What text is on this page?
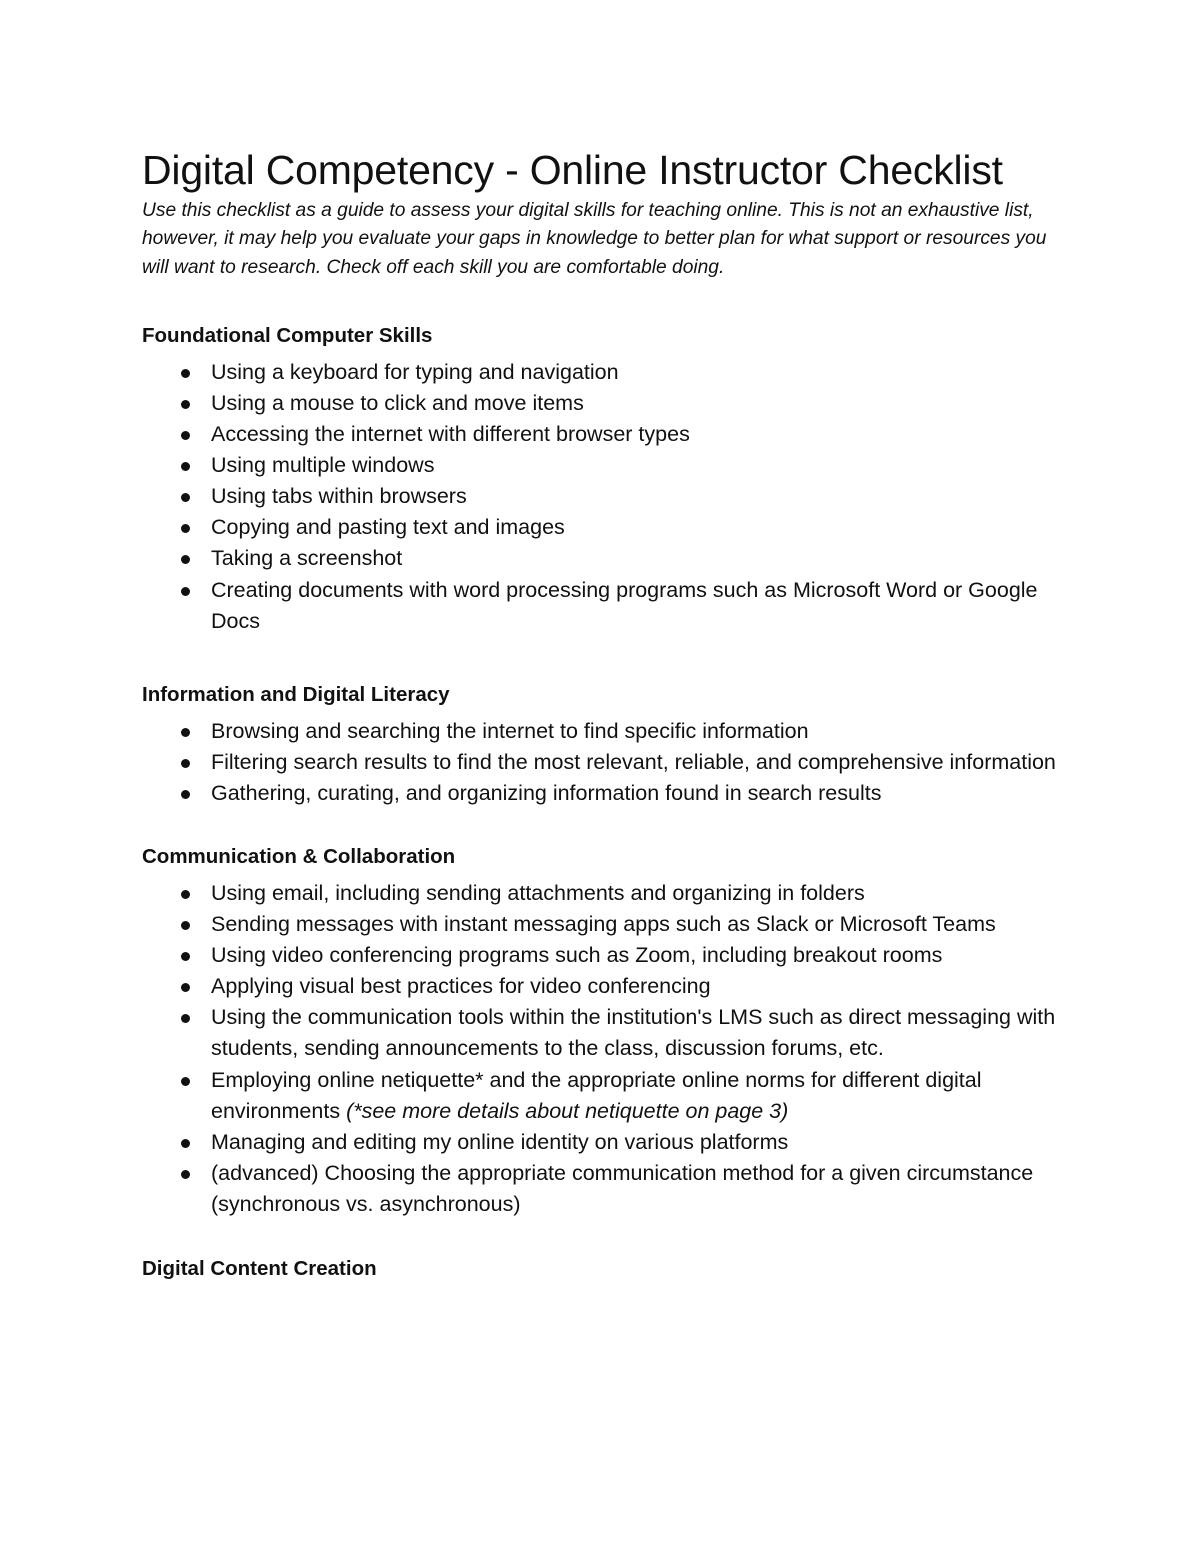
Digital Competency - Online Instructor Checklist

Use this checklist as a guide to assess your digital skills for teaching online. This is not an exhaustive list, however, it may help you evaluate your gaps in knowledge to better plan for what support or resources you will want to research. Check off each skill you are comfortable doing.

Foundational Computer Skills
Using a keyboard for typing and navigation
Using a mouse to click and move items
Accessing the internet with different browser types
Using multiple windows
Using tabs within browsers
Copying and pasting text and images
Taking a screenshot
Creating documents with word processing programs such as Microsoft Word or Google Docs
Information and Digital Literacy
Browsing and searching the internet to find specific information
Filtering search results to find the most relevant, reliable, and comprehensive information
Gathering, curating, and organizing information found in search results
Communication & Collaboration
Using email, including sending attachments and organizing in folders
Sending messages with instant messaging apps such as Slack or Microsoft Teams
Using video conferencing programs such as Zoom, including breakout rooms
Applying visual best practices for video conferencing
Using the communication tools within the institution's LMS such as direct messaging with students, sending announcements to the class, discussion forums, etc.
Employing online netiquette* and the appropriate online norms for different digital environments (*see more details about netiquette on page 3)
Managing and editing my online identity on various platforms
(advanced) Choosing the appropriate communication method for a given circumstance (synchronous vs. asynchronous)
Digital Content Creation
